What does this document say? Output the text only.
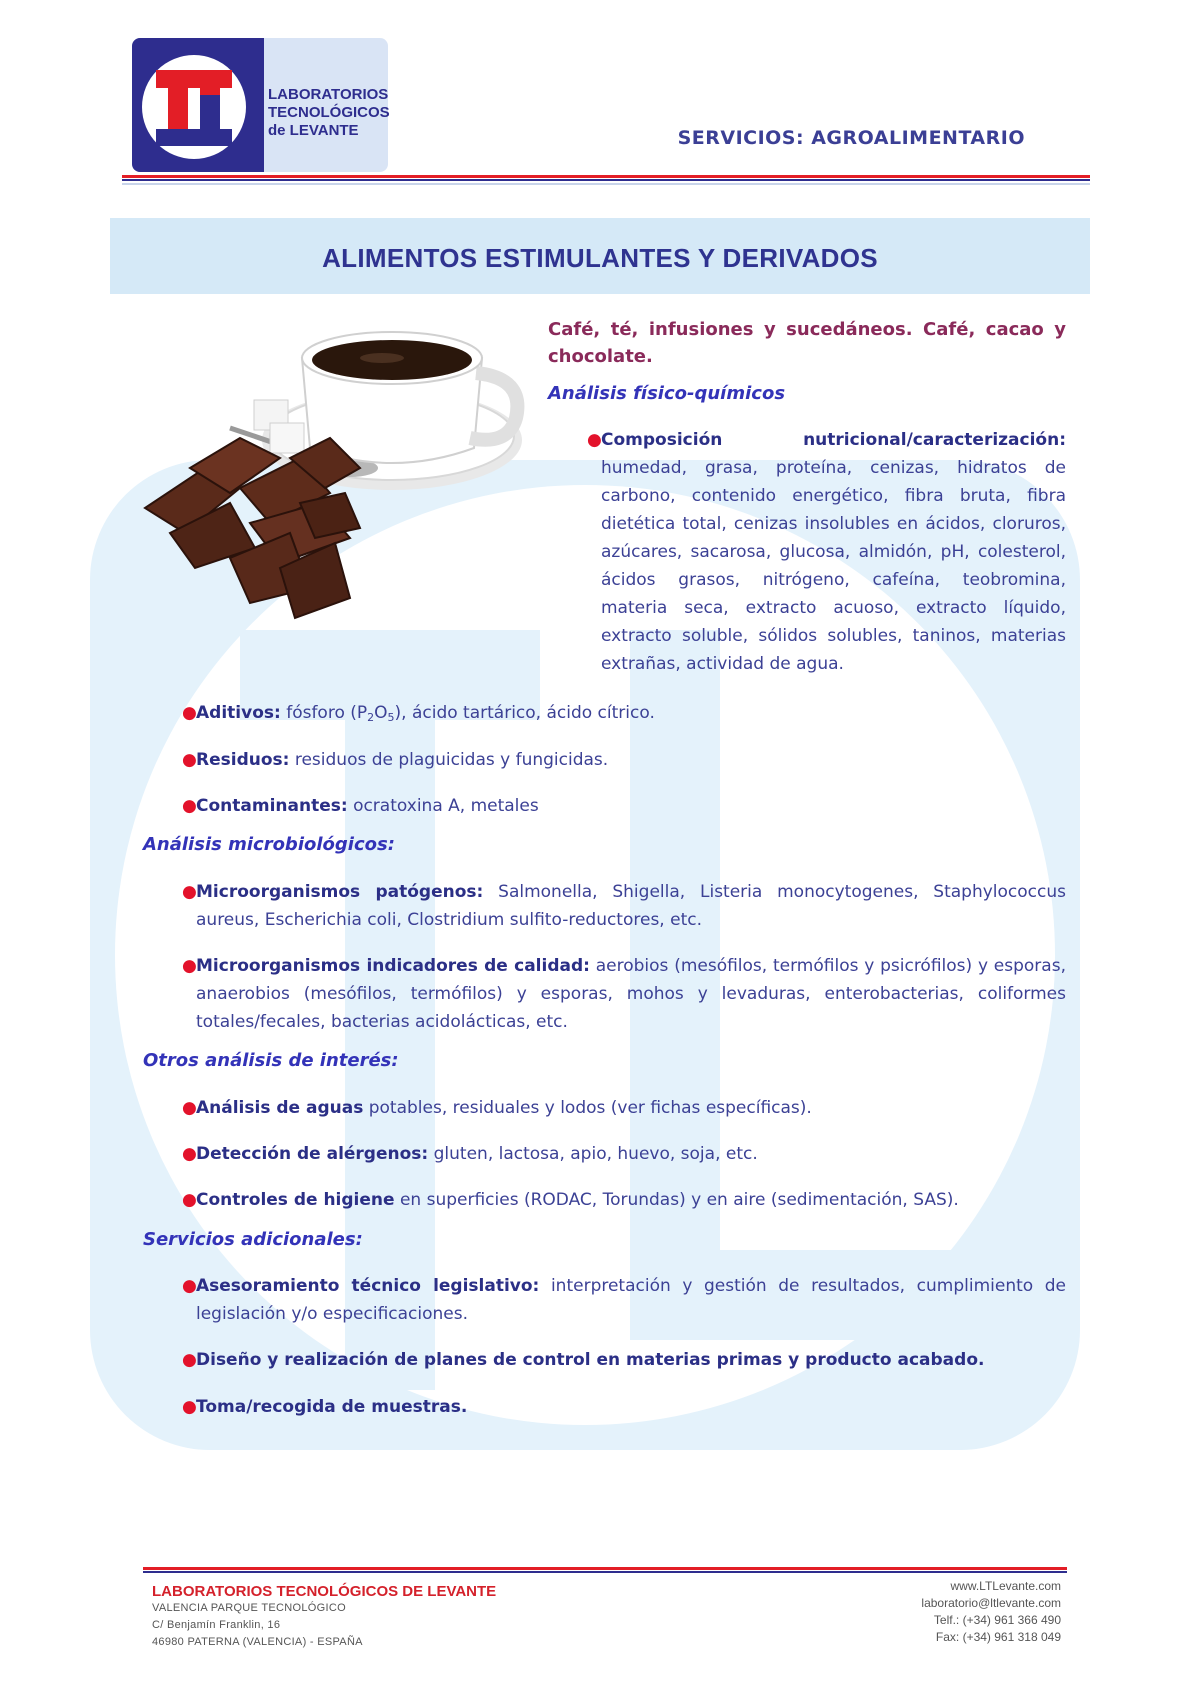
LABORATORIOS
TECNOLÓGICOS
de LEVANTE	SERVICIOS: AGROALIMENTARIO
ALIMENTOS ESTIMULANTES Y DERIVADOS
Café, té, infusiones y sucedáneos. Café, cacao y chocolate.
Análisis físico-químicos
● Composición nutricional/caracterización: humedad, grasa, proteína, cenizas, hidratos de carbono, contenido energético, fibra bruta, fibra dietética total, cenizas insolubles en ácidos, cloruros, azúcares, sacarosa, glucosa, almidón, pH, colesterol, ácidos grasos, nitrógeno, cafeína, teobromina, materia seca, extracto acuoso, extracto líquido, extracto soluble, sólidos solubles, taninos, materias extrañas, actividad de agua.
● Aditivos: fósforo $(P_2O_5)$, ácido tartárico, ácido cítrico.
● Residuos: residuos de plaguicidas y fungicidas.
● Contaminantes: ocratoxina A, metales
Análisis microbiológicos:
● Microorganismos patógenos: Salmonella, Shigella, Listeria monocytogenes, Staphylococcus aureus, Escherichia coli, Clostridium sulfito-reductores, etc.
● Microorganismos indicadores de calidad: aerobios (mesófilos, termófilos y psicrófilos) y esporas, anaerobios (mesófilos, termófilos) y esporas, mohos y levaduras, enterobacterias, coliformes totales/fecales, bacterias acidolácticas, etc.
Otros análisis de interés:
● Análisis de aguas potables, residuales y lodos (ver fichas específicas).
● Detección de alérgenos: gluten, lactosa, apio, huevo, soja, etc.
● Controles de higiene en superficies (RODAC, Torundas) y en aire (sedimentación, SAS).
Servicios adicionales:
● Asesoramiento técnico legislativo: interpretación y gestión de resultados, cumplimiento de legislación y/o especificaciones.
● Diseño y realización de planes de control en materias primas y producto acabado.
● Toma/recogida de muestras.
LABORATORIOS TECNOLÓGICOS DE LEVANTE
VALENCIA PARQUE TECNOLÓGICO
C/ Benjamín Franklin, 16
46980 PATERNA (VALENCIA) - ESPAÑA
www.LTLevante.com
laboratorio@ltlevante.com
Telf.: (+34) 961 366 490
Fax: (+34) 961 318 049
